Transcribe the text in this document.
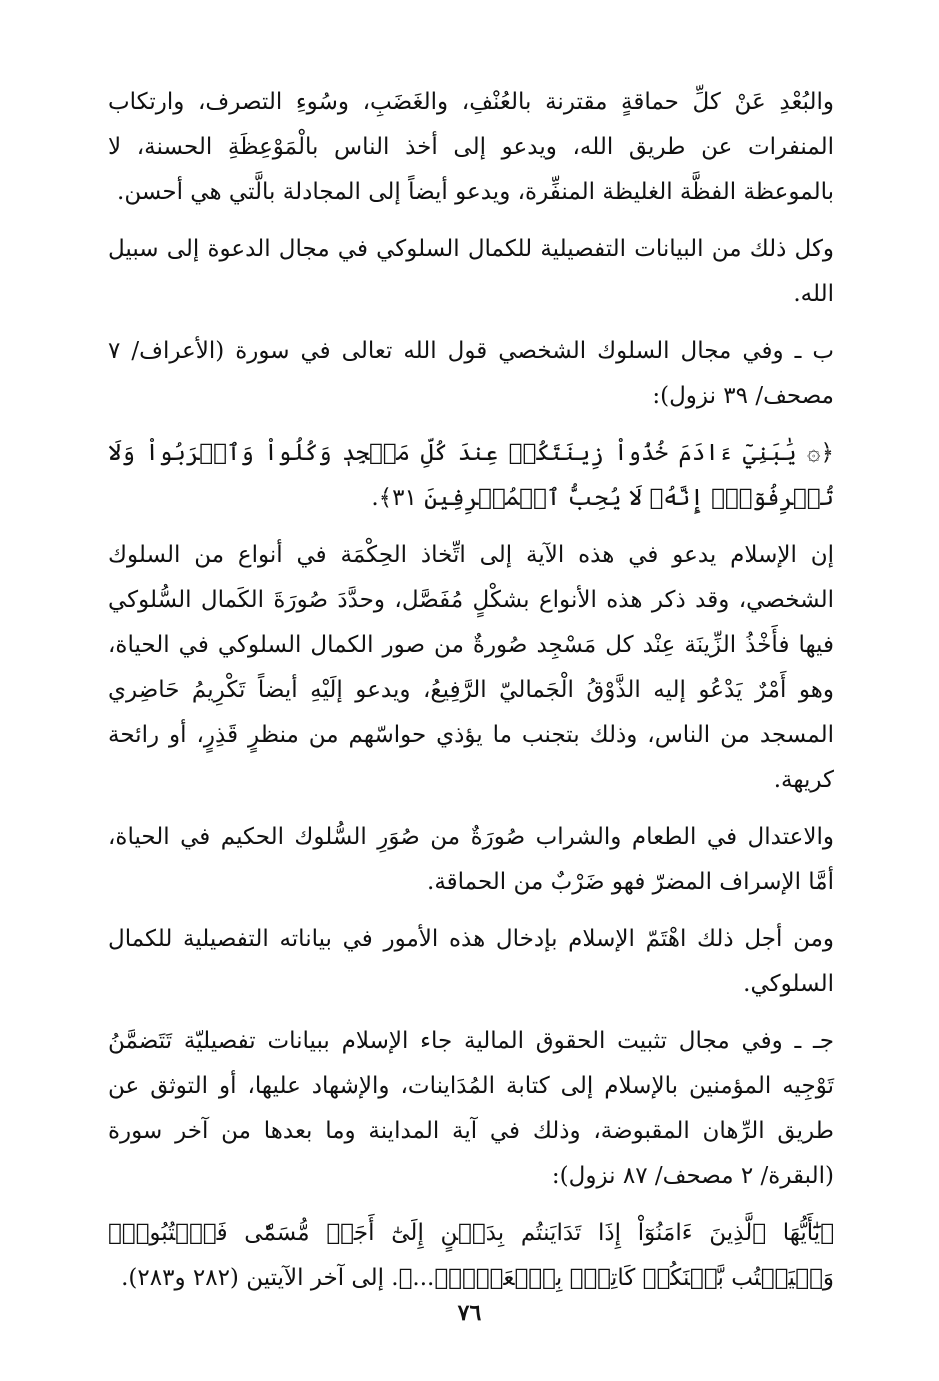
والبُعْدِ عَنْ كلِّ حماقةٍ مقترنة بالعُنْفِ، والغَضَبِ، وسُوءِ التصرف، وارتكاب المنفرات عن طريق الله، ويدعو إلى أخذ الناس بالْمَوْعِظَةِ الحسنة، لا بالموعظة الفظَّة الغليظة المنفِّرة، ويدعو أيضاً إلى المجادلة بالَّتي هي أحسن.

وكل ذلك من البيانات التفصيلية للكمال السلوكي في مجال الدعوة إلى سبيل الله.

ب ـ وفي مجال السلوك الشخصي قول الله تعالى في سورة (الأعراف/ ٧ مصحف/ ٣٩ نزول):

﴿۞ يَٰبَنِيٓ ءَادَمَ خُذُواْ زِينَتَكُمۡ عِندَ كُلِّ مَسۡجِدٖ وَكُلُواْ وَٱشۡرَبُواْ وَلَا تُسۡرِفُوٓاْۚ إِنَّهُۥ لَا يُحِبُّ ٱلۡمُسۡرِفِينَ ٣١﴾.

إن الإسلام يدعو في هذه الآية إلى اتِّخاذ الحِكْمَة في أنواع من السلوك الشخصي، وقد ذكر هذه الأنواع بشكْلٍ مُفَصَّل، وحدَّدَ صُورَةَ الكَمال السُّلوكي فيها فأَخْذُ الزِّينَة عِنْد كل مَسْجِد صُورةٌ من صور الكمال السلوكي في الحياة، وهو أَمْرٌ يَدْعُو إليه الذَّوْقُ الْجَماليّ الرَّفِيعُ، ويدعو إلَيْهِ أيضاً تَكْرِيمُ حَاضِري المسجد من الناس، وذلك بتجنب ما يؤذي حواسّهم من منظرٍ قَذِرٍ، أو رائحة كريهة.

والاعتدال في الطعام والشراب صُورَةٌ من صُوَرِ السُّلوك الحكيم في الحياة، أمَّا الإسراف المضرّ فهو ضَرْبٌ من الحماقة.

ومن أجل ذلك اهْتَمّ الإسلام بإدخال هذه الأمور في بياناته التفصيلية للكمال السلوكي.

جـ ـ وفي مجال تثبيت الحقوق المالية جاء الإسلام ببيانات تفصيليّة تَتَضمَّنُ تَوْجِيه المؤمنين بالإسلام إلى كتابة المُدَاينات، والإشهاد عليها، أو التوثق عن طريق الرِّهان المقبوضة، وذلك في آية المداينة وما بعدها من آخر سورة (البقرة/ ٢ مصحف/ ٨٧ نزول):

﴿يَٰٓأَيُّهَا ٱلَّذِينَ ءَامَنُوٓاْ إِذَا تَدَايَنتُم بِدَيۡنٍ إِلَىٰٓ أَجَلٖ مُّسَمّٗى فَٱكۡتُبُوهُۚ وَلۡيَكۡتُب بَّيۡنَكُمۡ كَاتِبُۢ بِٱلۡعَدۡلِۚ...﴾. إلى آخر الآيتين (٢٨٢ و٢٨٣).

٧٦
